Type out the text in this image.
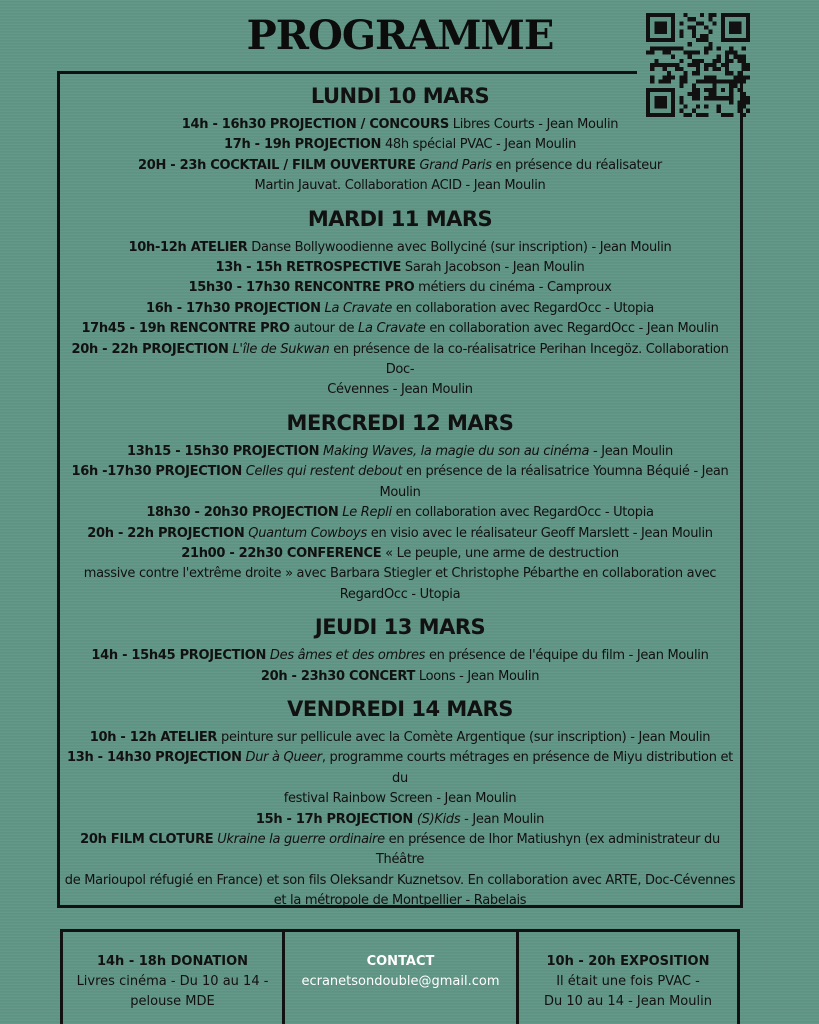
PROGRAMME
LUNDI 10 MARS
14h - 16h30 PROJECTION / CONCOURS Libres Courts - Jean Moulin
17h - 19h PROJECTION 48h spécial PVAC - Jean Moulin
20H - 23h COCKTAIL / FILM OUVERTURE Grand Paris en présence du réalisateur
Martin Jauvat. Collaboration ACID - Jean Moulin
MARDI 11 MARS
10h-12h ATELIER Danse Bollywoodienne avec Bollyciné (sur inscription) - Jean Moulin
13h - 15h RETROSPECTIVE Sarah Jacobson - Jean Moulin
15h30 - 17h30 RENCONTRE PRO métiers du cinéma - Camproux
16h - 17h30 PROJECTION La Cravate en collaboration avec RegardOcc - Utopia
17h45 - 19h RENCONTRE PRO autour de La Cravate en collaboration avec RegardOcc - Jean Moulin
20h - 22h PROJECTION L'île de Sukwan en présence de la co-réalisatrice Perihan Incegöz. Collaboration Doc-
Cévennes - Jean Moulin
MERCREDI 12 MARS
13h15 - 15h30 PROJECTION Making Waves, la magie du son au cinéma - Jean Moulin
16h -17h30 PROJECTION Celles qui restent debout en présence de la réalisatrice Youmna Béquié - Jean Moulin
18h30 - 20h30 PROJECTION Le Repli en collaboration avec RegardOcc - Utopia
20h - 22h PROJECTION Quantum Cowboys en visio avec le réalisateur Geoff Marslett - Jean Moulin
21h00 - 22h30 CONFERENCE « Le peuple, une arme de destruction
massive contre l'extrême droite » avec Barbara Stiegler et Christophe Pébarthe en collaboration avec
RegardOcc - Utopia
JEUDI 13 MARS
14h - 15h45 PROJECTION Des âmes et des ombres en présence de l'équipe du film - Jean Moulin
20h - 23h30 CONCERT Loons - Jean Moulin
VENDREDI 14 MARS
10h - 12h ATELIER peinture sur pellicule avec la Comète Argentique (sur inscription) - Jean Moulin
13h - 14h30 PROJECTION Dur à Queer, programme courts métrages en présence de Miyu distribution et du
festival Rainbow Screen - Jean Moulin
15h - 17h PROJECTION (S)Kids - Jean Moulin
20h FILM CLOTURE Ukraine la guerre ordinaire en présence de Ihor Matiushyn (ex administrateur du Théâtre
de Marioupol réfugié en France) et son fils Oleksandr Kuznetsov. En collaboration avec ARTE, Doc-Cévennes
et la métropole de Montpellier - Rabelais
14h - 18h DONATION
Livres cinéma - Du 10 au 14 -
pelouse MDE
CONTACT
ecranetsondouble@gmail.com
10h - 20h EXPOSITION
Il était une fois PVAC -
Du 10 au 14 - Jean Moulin
